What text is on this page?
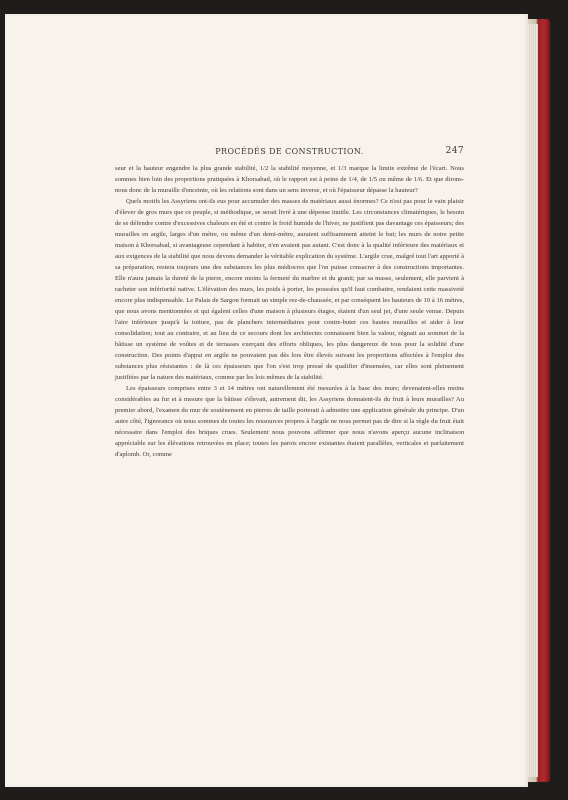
PROCÉDÉS DE CONSTRUCTION.	247

seur et la hauteur engendre la plus grande stabilité, 1/2 la stabilité moyenne, et 1/3 marque la limite extrême de l'écart. Nous sommes bien loin des proportions pratiquées à Khorsabad, où le rapport est à peine de 1/4, de 1/5 ou même de 1/6. Et que dirons-nous donc de la muraille d'enceinte, où les relations sont dans un sens inverse, et où l'épaisseur dépasse la hauteur?

Quels motifs les Assyriens ont-ils eus pour accumuler des masses de matériaux aussi énormes? Ce n'est pas pour le vain plaisir d'élever de gros murs que ce peuple, si méthodique, se serait livré à une dépense inutile. Les circonstances climatériques, le besoin de se défendre contre d'excessives chaleurs en été et contre le froid humide de l'hiver, ne justifient pas davantage ces épaisseurs; des murailles en argile, larges d'un mètre, ou même d'un demi-mètre, auraient suffisamment atteint le but; les murs de notre petite maison à Khorsabad, si avantageuse cependant à habiter, n'en avaient pas autant. C'est donc à la qualité inférieure des matériaux et aux exigences de la stabilité que nous devons demander la véritable explication du système. L'argile crue, malgré tout l'art apporté à sa préparation, restera toujours une des substances les plus médiocres que l'on puisse consacrer à des constructions importantes. Elle n'aura jamais la dureté de la pierre, encore moins la fermeté du marbre et du granit; par sa masse, seulement, elle parvient à racheter son infériorité native. L'élévation des murs, les poids à porter, les poussées qu'il faut combattre, rendaient cette massiveté encore plus indispensable. Le Palais de Sargon formait un simple rez-de-chaussée, et par conséquent les hauteurs de 10 à 16 mètres, que nous avons mentionnées et qui égalent celles d'une maison à plusieurs étages, étaient d'un seul jet, d'une seule venue. Depuis l'aire inférieure jusqu'à la toiture, pas de planchers intermédiaires pour contre-buter ces hautes murailles et aider à leur consolidation; tout au contraire, et au lieu de ce secours dont les architectes connaissent bien la valeur, régnait au sommet de la bâtisse un système de voûtes et de terrasses exerçant des efforts obliques, les plus dangereux de tous pour la solidité d'une construction. Des points d'appui en argile ne pouvaient pas dès lors être élevés suivant les proportions affectées à l'emploi des substances plus résistantes : de là ces épaisseurs que l'on s'est trop pressé de qualifier d'insensées, car elles sont pleinement justifiées par la nature des matériaux, comme par les lois mêmes de la stabilité.

Les épaisseurs comprises entre 3 et 14 mètres ont naturellement été mesurées à la base des murs; devenaient-elles moins considérables au fur et à mesure que la bâtisse s'élevait, autrement dit, les Assyriens donnaient-ils du fruit à leurs murailles? Au premier abord, l'examen du mur de soutènement en pierres de taille porterait à admettre une application générale du principe. D'un autre côté, l'ignorance où nous sommes de toutes les ressources propres à l'argile ne nous permet pas de dire si la règle du fruit était nécessaire dans l'emploi des briques crues. Seulement nous pouvons affirmer que nous n'avons aperçu aucune inclinaison appréciable sur les élévations retrouvées en place; toutes les parois encore existantes étaient parallèles, verticales et parfaitement d'aplomb. Or, comme
